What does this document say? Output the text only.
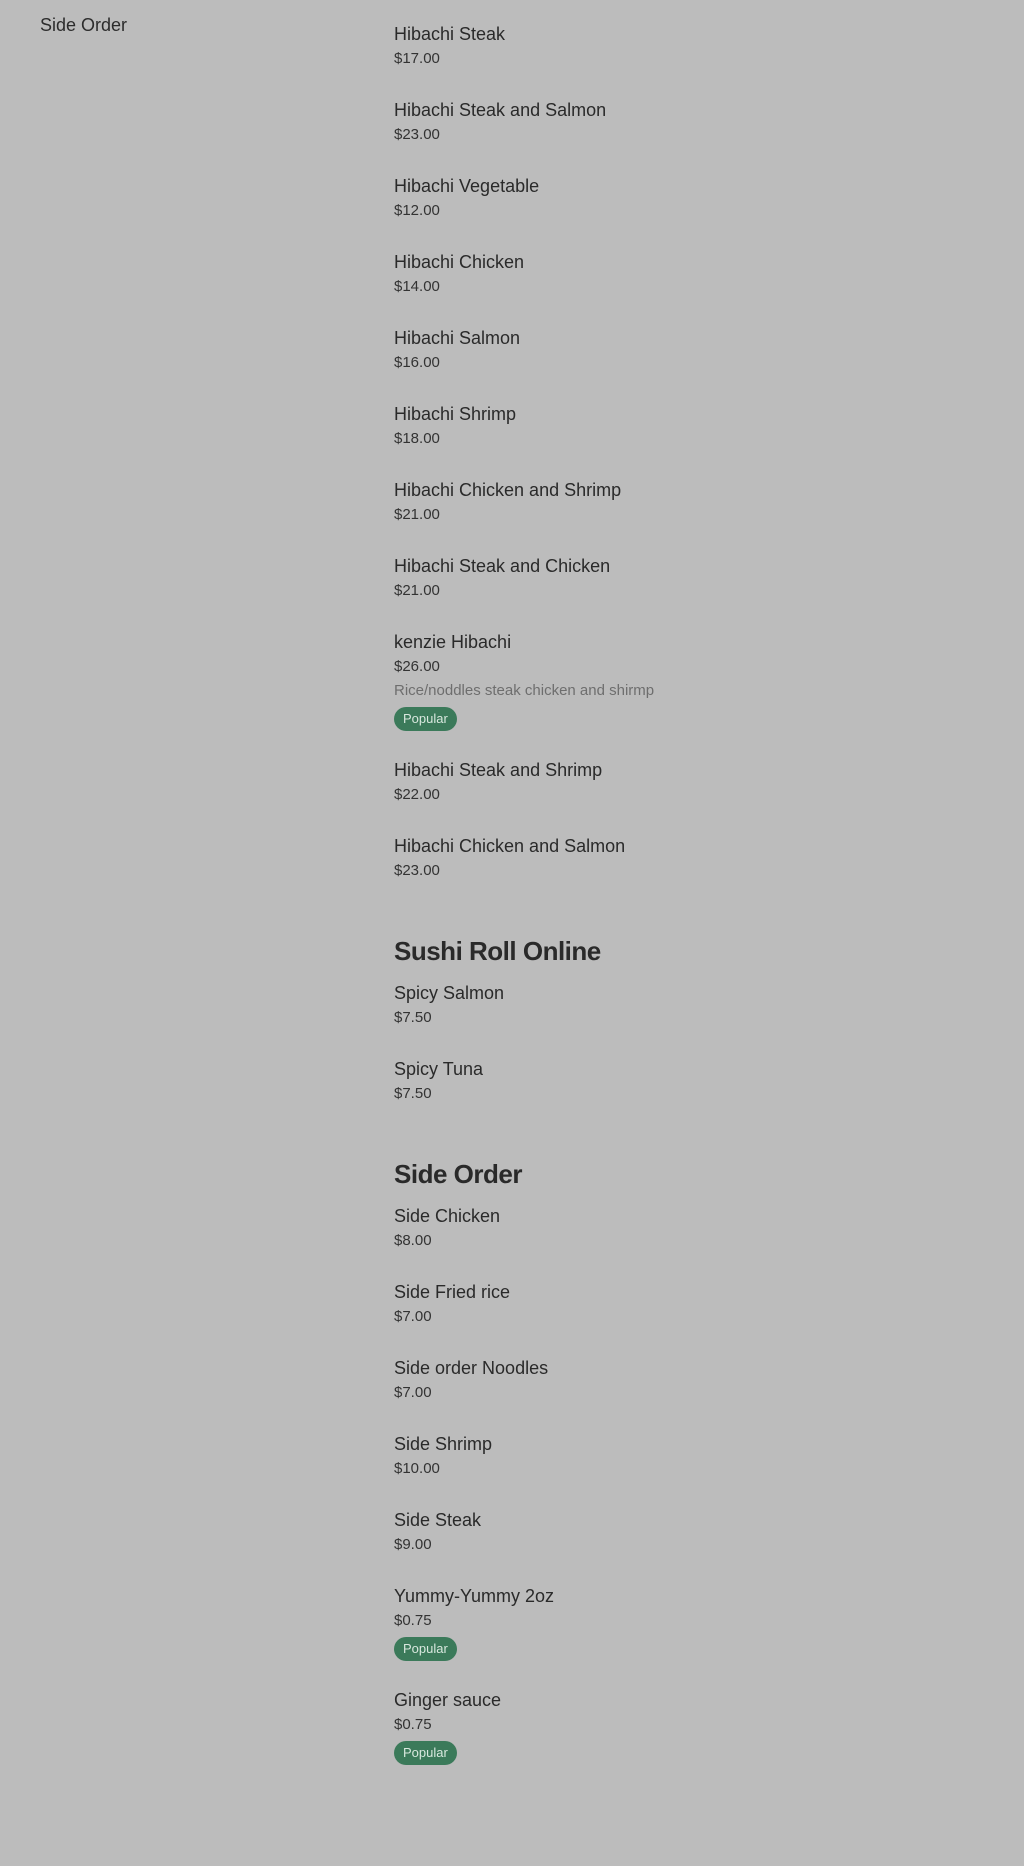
Side Order	Hibachi Steak
$17.00
Hibachi Steak and Salmon
$23.00
Hibachi Vegetable
$12.00
Hibachi Chicken
$14.00
Hibachi Salmon
$16.00
Hibachi Shrimp
$18.00
Hibachi Chicken and Shrimp
$21.00
Hibachi Steak and Chicken
$21.00
kenzie Hibachi
$26.00
Rice/noddles steak chicken and shirmp
Popular
Hibachi Steak and Shrimp
$22.00
Hibachi Chicken and Salmon
$23.00
Sushi Roll Online
Spicy Salmon
$7.50
Spicy Tuna
$7.50
Side Order
Side Chicken
$8.00
Side Fried rice
$7.00
Side order Noodles
$7.00
Side Shrimp
$10.00
Side Steak
$9.00
Yummy-Yummy 2oz
$0.75
Popular
Ginger sauce
$0.75
Popular
